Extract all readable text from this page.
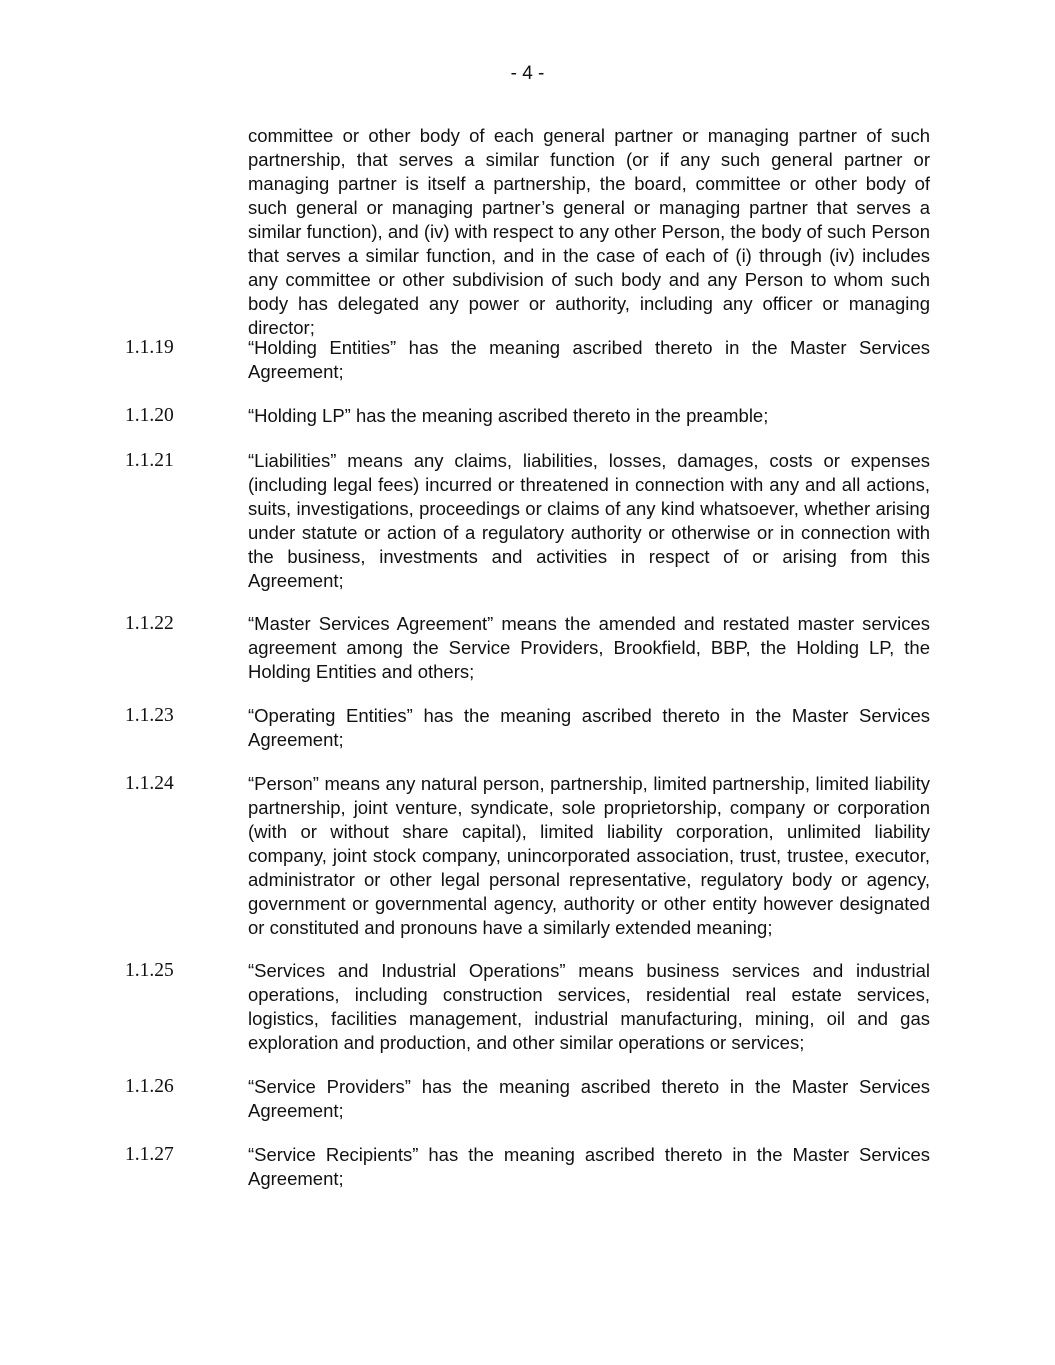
- 4 -

committee or other body of each general partner or managing partner of such partnership, that serves a similar function (or if any such general partner or managing partner is itself a partnership, the board, committee or other body of such general or managing partner’s general or managing partner that serves a similar function), and (iv) with respect to any other Person, the body of such Person that serves a similar function, and in the case of each of (i) through (iv) includes any committee or other subdivision of such body and any Person to whom such body has delegated any power or authority, including any officer or managing director;

1.1.19	“Holding Entities” has the meaning ascribed thereto in the Master Services Agreement;

1.1.20	“Holding LP” has the meaning ascribed thereto in the preamble;

1.1.21	“Liabilities” means any claims, liabilities, losses, damages, costs or expenses (including legal fees) incurred or threatened in connection with any and all actions, suits, investigations, proceedings or claims of any kind whatsoever, whether arising under statute or action of a regulatory authority or otherwise or in connection with the business, investments and activities in respect of or arising from this Agreement;

1.1.22	“Master Services Agreement” means the amended and restated master services agreement among the Service Providers, Brookfield, BBP, the Holding LP, the Holding Entities and others;

1.1.23	“Operating Entities” has the meaning ascribed thereto in the Master Services Agreement;

1.1.24	“Person” means any natural person, partnership, limited partnership, limited liability partnership, joint venture, syndicate, sole proprietorship, company or corporation (with or without share capital), limited liability corporation, unlimited liability company, joint stock company, unincorporated association, trust, trustee, executor, administrator or other legal personal representative, regulatory body or agency, government or governmental agency, authority or other entity however designated or constituted and pronouns have a similarly extended meaning;

1.1.25	“Services and Industrial Operations” means business services and industrial operations, including construction services, residential real estate services, logistics, facilities management, industrial manufacturing, mining, oil and gas exploration and production, and other similar operations or services;

1.1.26	“Service Providers” has the meaning ascribed thereto in the Master Services Agreement;

1.1.27	“Service Recipients” has the meaning ascribed thereto in the Master Services Agreement;
